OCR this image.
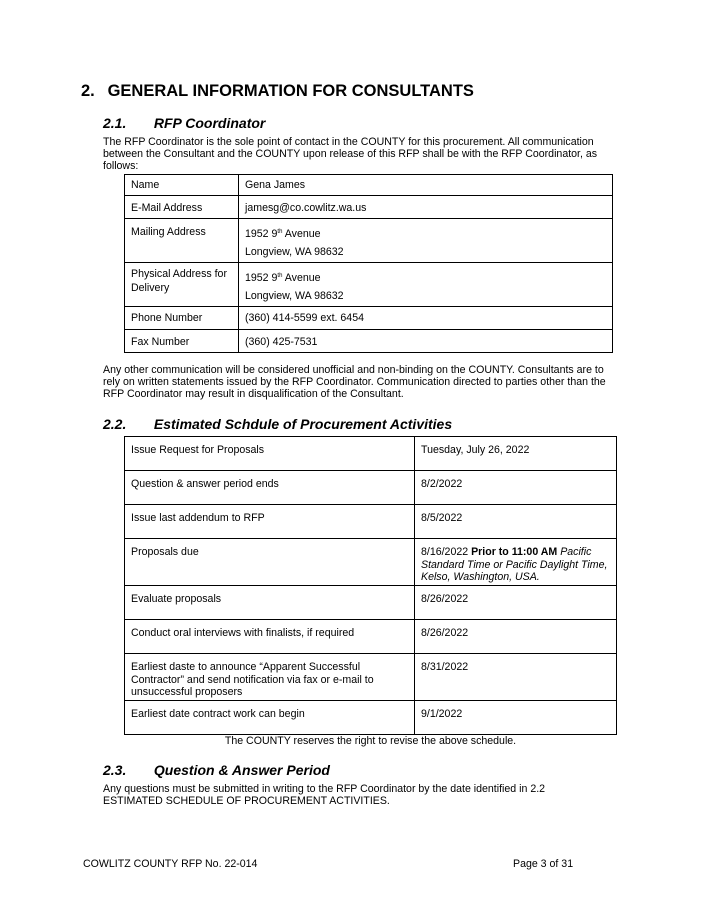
2. GENERAL INFORMATION FOR CONSULTANTS
2.1. RFP Coordinator
The RFP Coordinator is the sole point of contact in the COUNTY for this procurement. All communication between the Consultant and the COUNTY upon release of this RFP shall be with the RFP Coordinator, as follows:
Name	Gena James

E-Mail Address	jamesg@co.cowlitz.wa.us

Mailing Address	1952 9th Avenue
Longview, WA 98632

Physical Address for Delivery	1952 9th Avenue
Longview, WA 98632

Phone Number	(360) 414-5599 ext. 6454

Fax Number	(360) 425-7531
Any other communication will be considered unofficial and non-binding on the COUNTY. Consultants are to rely on written statements issued by the RFP Coordinator. Communication directed to parties other than the RFP Coordinator may result in disqualification of the Consultant.
2.2. Estimated Schdule of Procurement Activities
Issue Request for Proposals	Tuesday, July 26, 2022
Question & answer period ends	8/2/2022
Issue last addendum to RFP	8/5/2022
Proposals due	8/16/2022 Prior to 11:00 AM Pacific Standard Time or Pacific Daylight Time, Kelso, Washington, USA.
Evaluate proposals	8/26/2022
Conduct oral interviews with finalists, if required	8/26/2022
Earliest daste to announce “Apparent Successful Contractor” and send notification via fax or e-mail to unsuccessful proposers	8/31/2022
Earliest date contract work can begin	9/1/2022
The COUNTY reserves the right to revise the above schedule.
2.3. Question & Answer Period
Any questions must be submitted in writing to the RFP Coordinator by the date identified in 2.2 ESTIMATED SCHEDULE OF PROCUREMENT ACTIVITIES.
COWLITZ COUNTY RFP No. 22-014	Page 3 of 31
